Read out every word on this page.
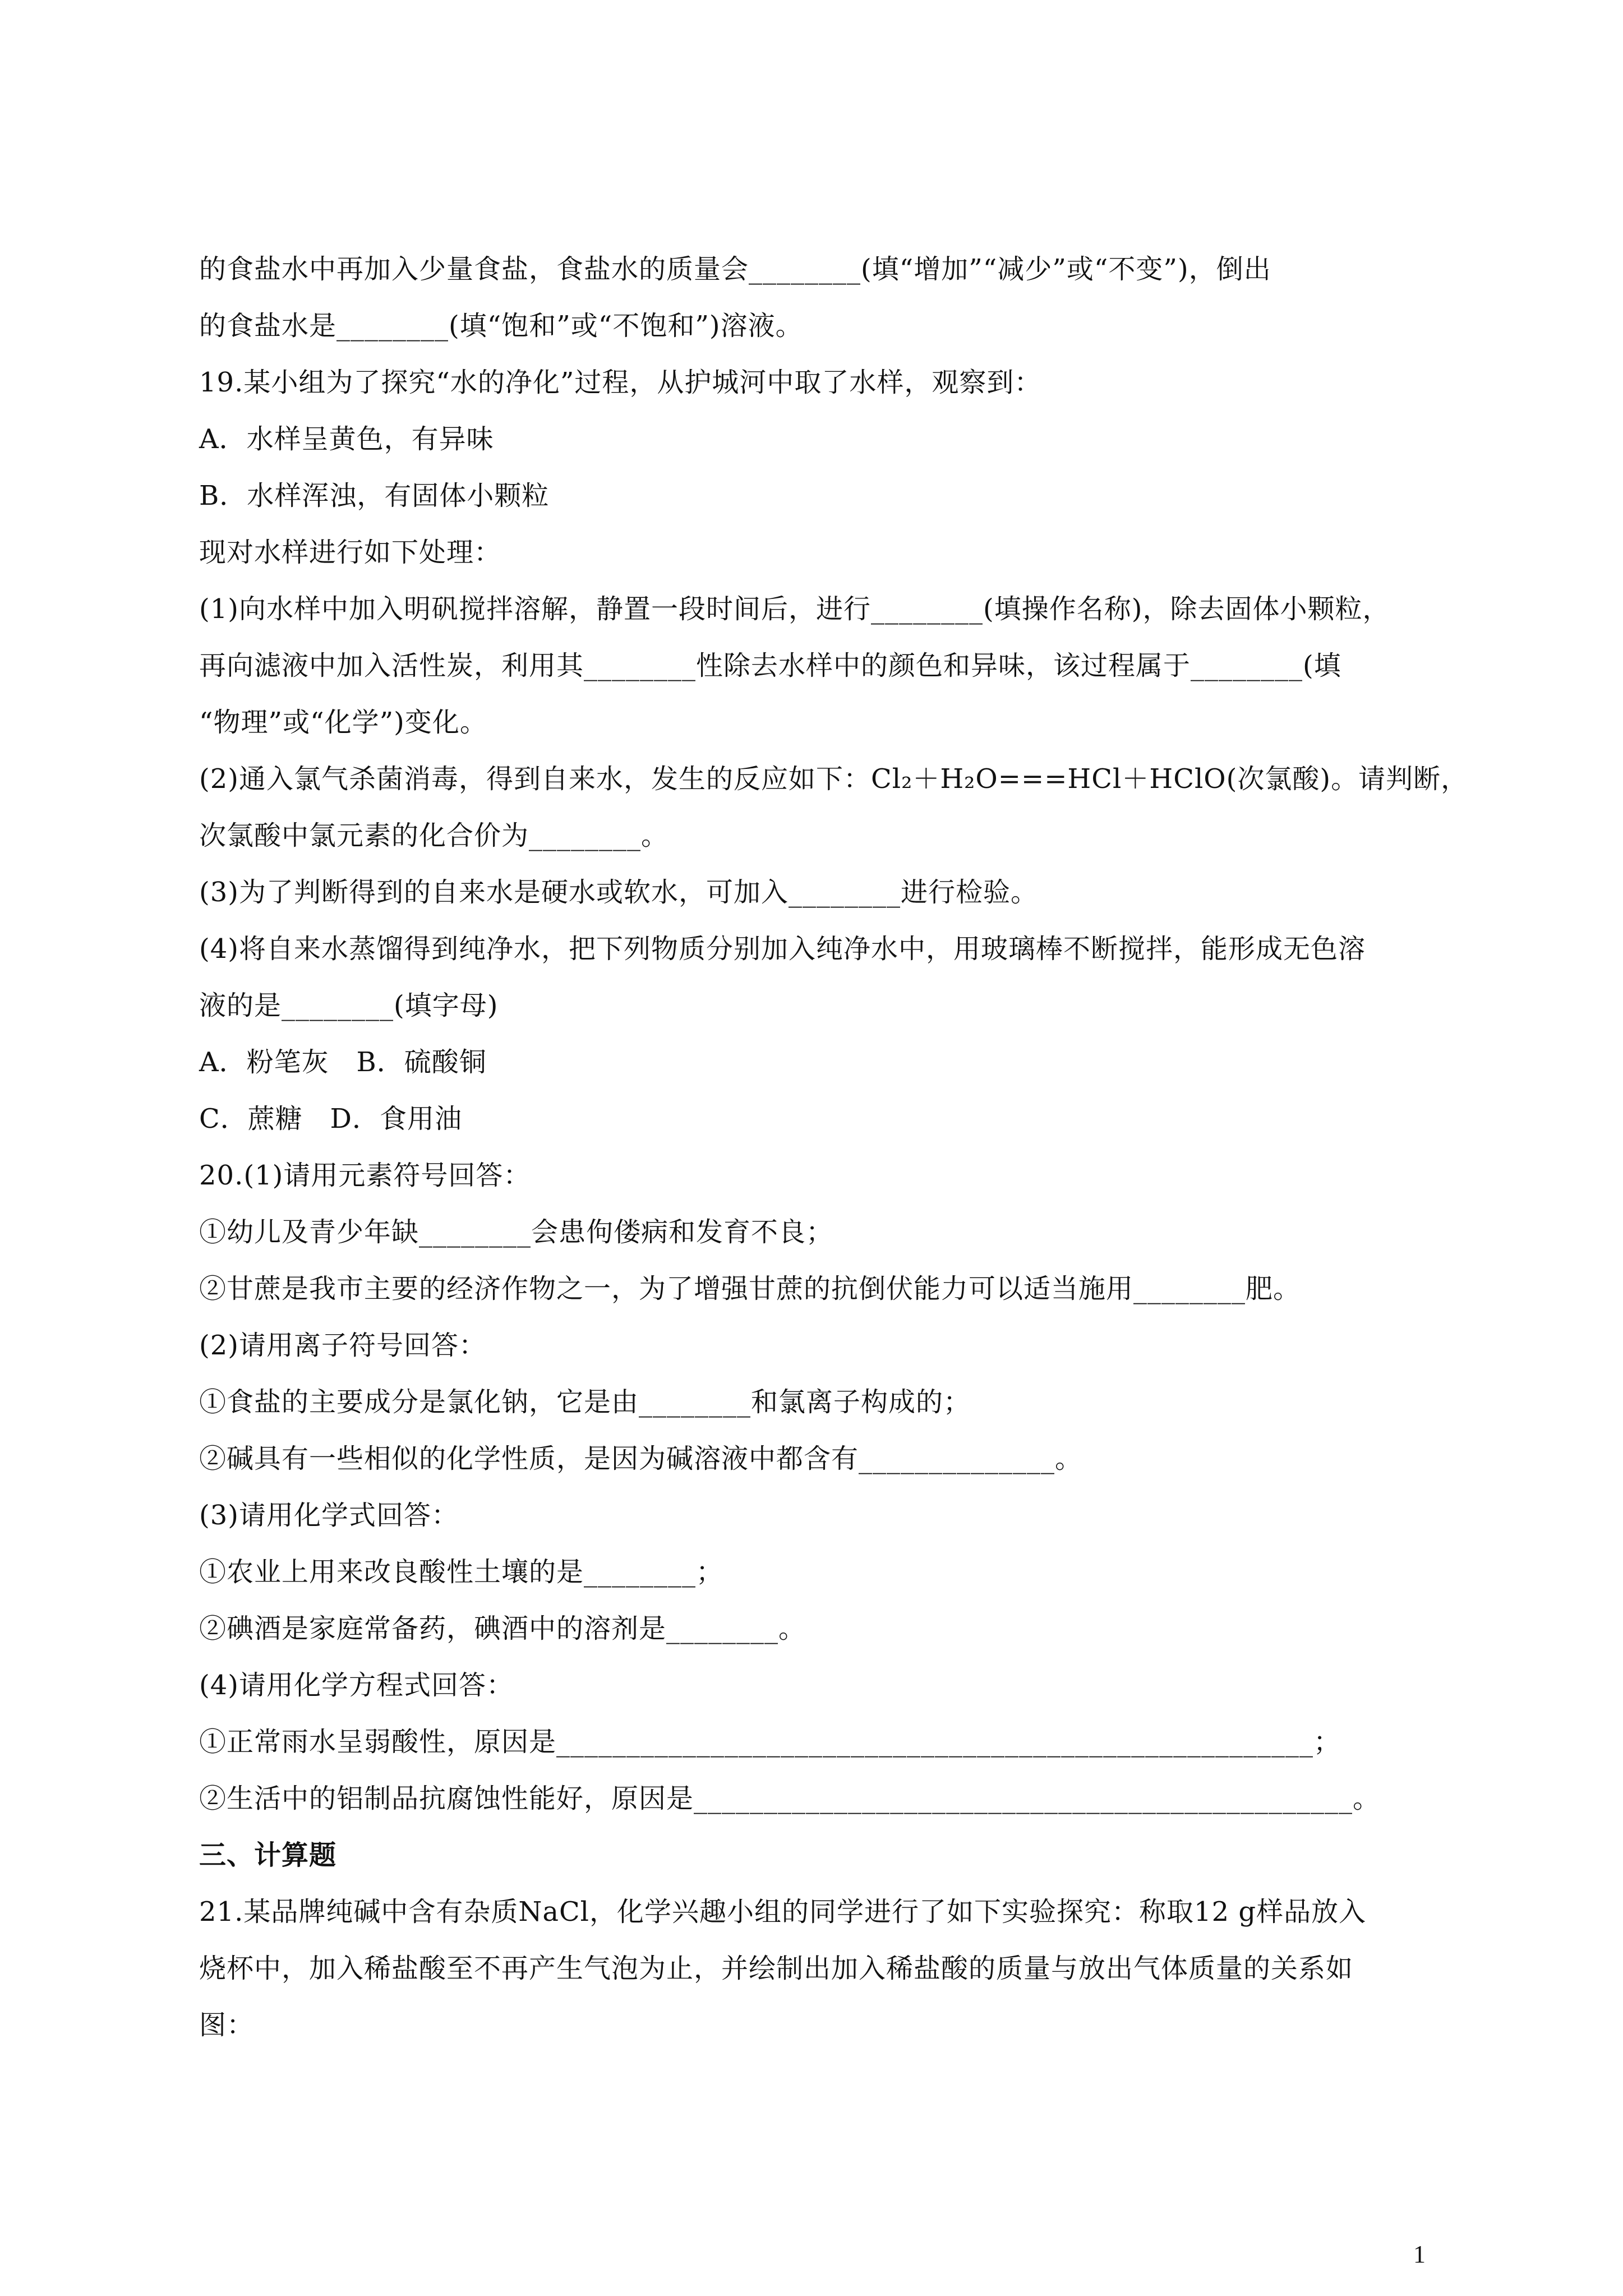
的食盐水中再加入少量食盐，食盐水的质量会________(填“增加”“减少”或“不变”)，倒出
的食盐水是________(填“饱和”或“不饱和”)溶液。
19.某小组为了探究“水的净化”过程，从护城河中取了水样，观察到：
A．水样呈黄色，有异味
B．水样浑浊，有固体小颗粒
现对水样进行如下处理：
(1)向水样中加入明矾搅拌溶解，静置一段时间后，进行________(填操作名称)，除去固体小颗粒，
再向滤液中加入活性炭，利用其________性除去水样中的颜色和异味，该过程属于________(填
“物理”或“化学”)变化。
(2)通入氯气杀菌消毒，得到自来水，发生的反应如下：Cl₂＋H₂O===HCl＋HClO(次氯酸)。请判断，
次氯酸中氯元素的化合价为________。
(3)为了判断得到的自来水是硬水或软水，可加入________进行检验。
(4)将自来水蒸馏得到纯净水，把下列物质分别加入纯净水中，用玻璃棒不断搅拌，能形成无色溶
液的是________(填字母)
A．粉笔灰   B．硫酸铜
C．蔗糖   D．食用油
20.(1)请用元素符号回答：
①幼儿及青少年缺________会患佝偻病和发育不良；
②甘蔗是我市主要的经济作物之一，为了增强甘蔗的抗倒伏能力可以适当施用________肥。
(2)请用离子符号回答：
①食盐的主要成分是氯化钠，它是由________和氯离子构成的；
②碱具有一些相似的化学性质，是因为碱溶液中都含有______________。
(3)请用化学式回答：
①农业上用来改良酸性土壤的是________；
②碘酒是家庭常备药，碘酒中的溶剂是________。
(4)请用化学方程式回答：
①正常雨水呈弱酸性，原因是______________________________________________________；
②生活中的铝制品抗腐蚀性能好，原因是_______________________________________________。
三、计算题
21.某品牌纯碱中含有杂质NaCl，化学兴趣小组的同学进行了如下实验探究：称取12 g样品放入
烧杯中，加入稀盐酸至不再产生气泡为止，并绘制出加入稀盐酸的质量与放出气体质量的关系如
图：
1
